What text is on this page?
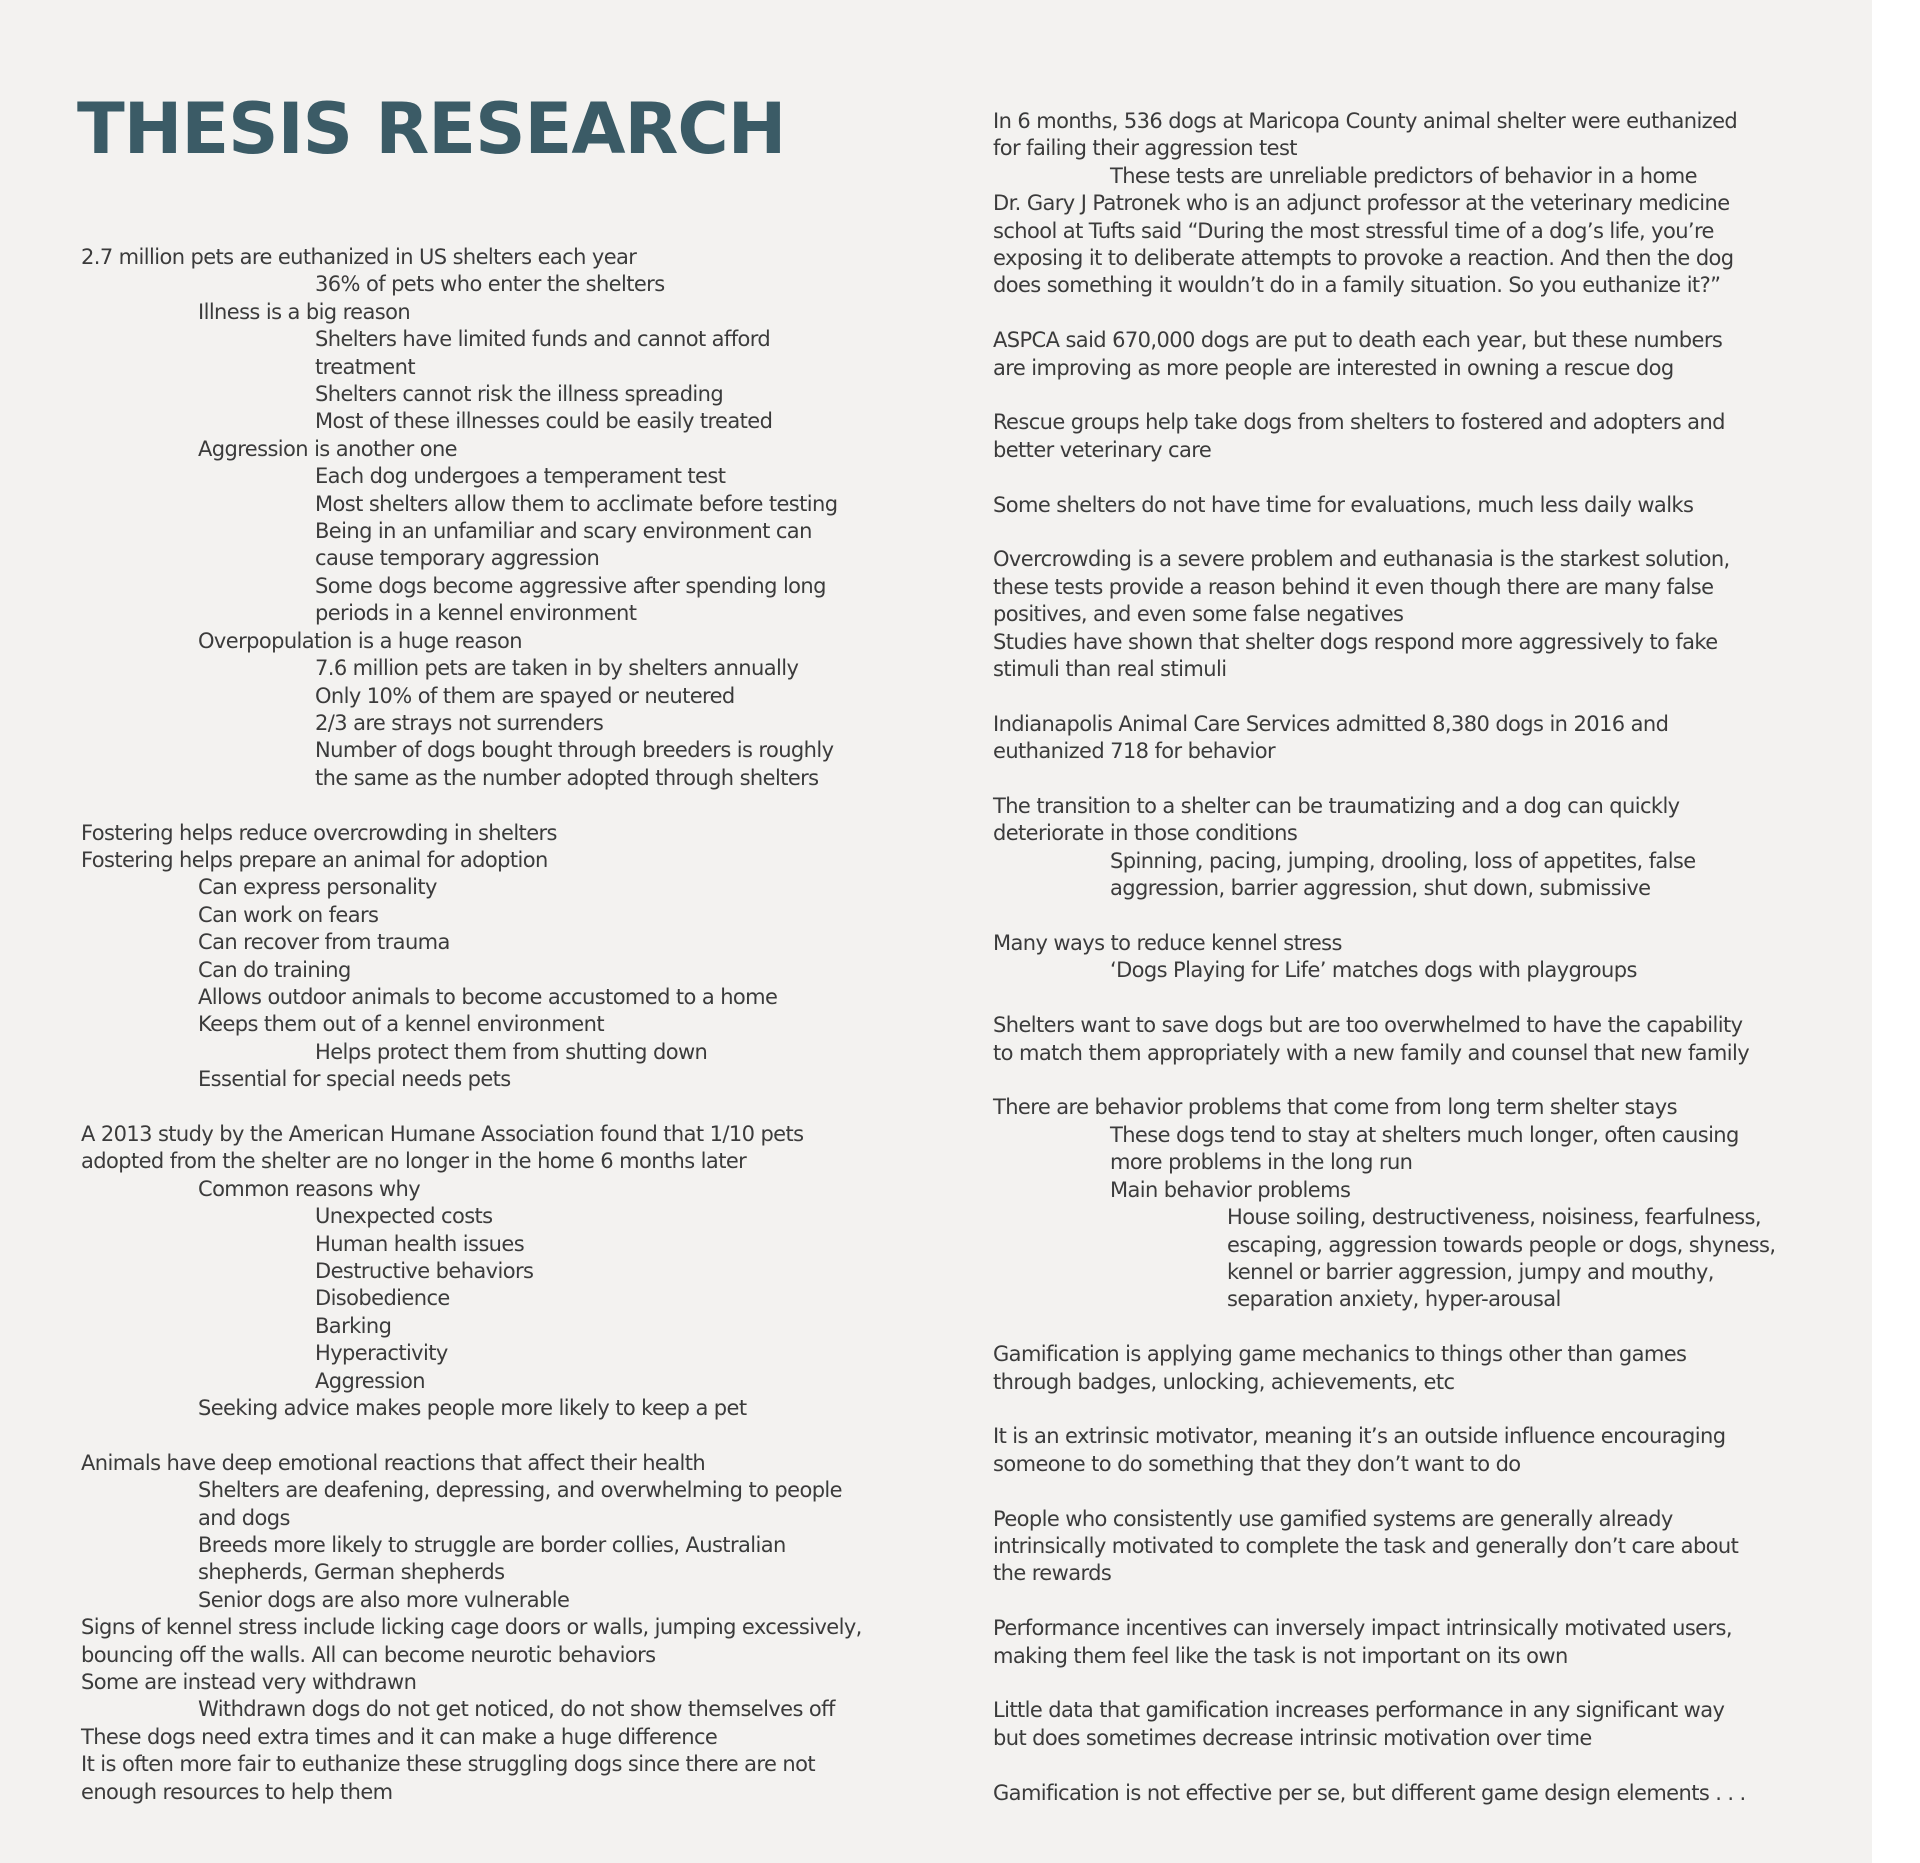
THESIS RESEARCH
2.7 million pets are euthanized in US shelters each year
36% of pets who enter the shelters
Illness is a big reason
Shelters have limited funds and cannot afford
treatment
Shelters cannot risk the illness spreading
Most of these illnesses could be easily treated
Aggression is another one
Each dog undergoes a temperament test
Most shelters allow them to acclimate before testing
Being in an unfamiliar and scary environment can
cause temporary aggression
Some dogs become aggressive after spending long
periods in a kennel environment
Overpopulation is a huge reason
7.6 million pets are taken in by shelters annually
Only 10% of them are spayed or neutered
2/3 are strays not surrenders
Number of dogs bought through breeders is roughly
the same as the number adopted through shelters
Fostering helps reduce overcrowding in shelters
Fostering helps prepare an animal for adoption
Can express personality
Can work on fears
Can recover from trauma
Can do training
Allows outdoor animals to become accustomed to a home
Keeps them out of a kennel environment
Helps protect them from shutting down
Essential for special needs pets
A 2013 study by the American Humane Association found that 1/10 pets
adopted from the shelter are no longer in the home 6 months later
Common reasons why
Unexpected costs
Human health issues
Destructive behaviors
Disobedience
Barking
Hyperactivity
Aggression
Seeking advice makes people more likely to keep a pet
Animals have deep emotional reactions that affect their health
Shelters are deafening, depressing, and overwhelming to people
and dogs
Breeds more likely to struggle are border collies, Australian
shepherds, German shepherds
Senior dogs are also more vulnerable
Signs of kennel stress include licking cage doors or walls, jumping excessively,
bouncing off the walls. All can become neurotic behaviors
Some are instead very withdrawn
Withdrawn dogs do not get noticed, do not show themselves off
These dogs need extra times and it can make a huge difference
It is often more fair to euthanize these struggling dogs since there are not
enough resources to help them
In 6 months, 536 dogs at Maricopa County animal shelter were euthanized
for failing their aggression test
These tests are unreliable predictors of behavior in a home
Dr. Gary J Patronek who is an adjunct professor at the veterinary medicine
school at Tufts said “During the most stressful time of a dog’s life, you’re
exposing it to deliberate attempts to provoke a reaction. And then the dog
does something it wouldn’t do in a family situation. So you euthanize it?”
ASPCA said 670,000 dogs are put to death each year, but these numbers
are improving as more people are interested in owning a rescue dog
Rescue groups help take dogs from shelters to fostered and adopters and
better veterinary care
Some shelters do not have time for evaluations, much less daily walks
Overcrowding is a severe problem and euthanasia is the starkest solution,
these tests provide a reason behind it even though there are many false
positives, and even some false negatives
Studies have shown that shelter dogs respond more aggressively to fake
stimuli than real stimuli
Indianapolis Animal Care Services admitted 8,380 dogs in 2016 and
euthanized 718 for behavior
The transition to a shelter can be traumatizing and a dog can quickly
deteriorate in those conditions
Spinning, pacing, jumping, drooling, loss of appetites, false
aggression, barrier aggression, shut down, submissive
Many ways to reduce kennel stress
‘Dogs Playing for Life’ matches dogs with playgroups
Shelters want to save dogs but are too overwhelmed to have the capability
to match them appropriately with a new family and counsel that new family
There are behavior problems that come from long term shelter stays
These dogs tend to stay at shelters much longer, often causing
more problems in the long run
Main behavior problems
House soiling, destructiveness, noisiness, fearfulness,
escaping, aggression towards people or dogs, shyness,
kennel or barrier aggression, jumpy and mouthy,
separation anxiety, hyper-arousal
Gamification is applying game mechanics to things other than games
through badges, unlocking, achievements, etc
It is an extrinsic motivator, meaning it’s an outside influence encouraging
someone to do something that they don’t want to do
People who consistently use gamified systems are generally already
intrinsically motivated to complete the task and generally don’t care about
the rewards
Performance incentives can inversely impact intrinsically motivated users,
making them feel like the task is not important on its own
Little data that gamification increases performance in any significant way
but does sometimes decrease intrinsic motivation over time
Gamification is not effective per se, but different game design elements . . .
